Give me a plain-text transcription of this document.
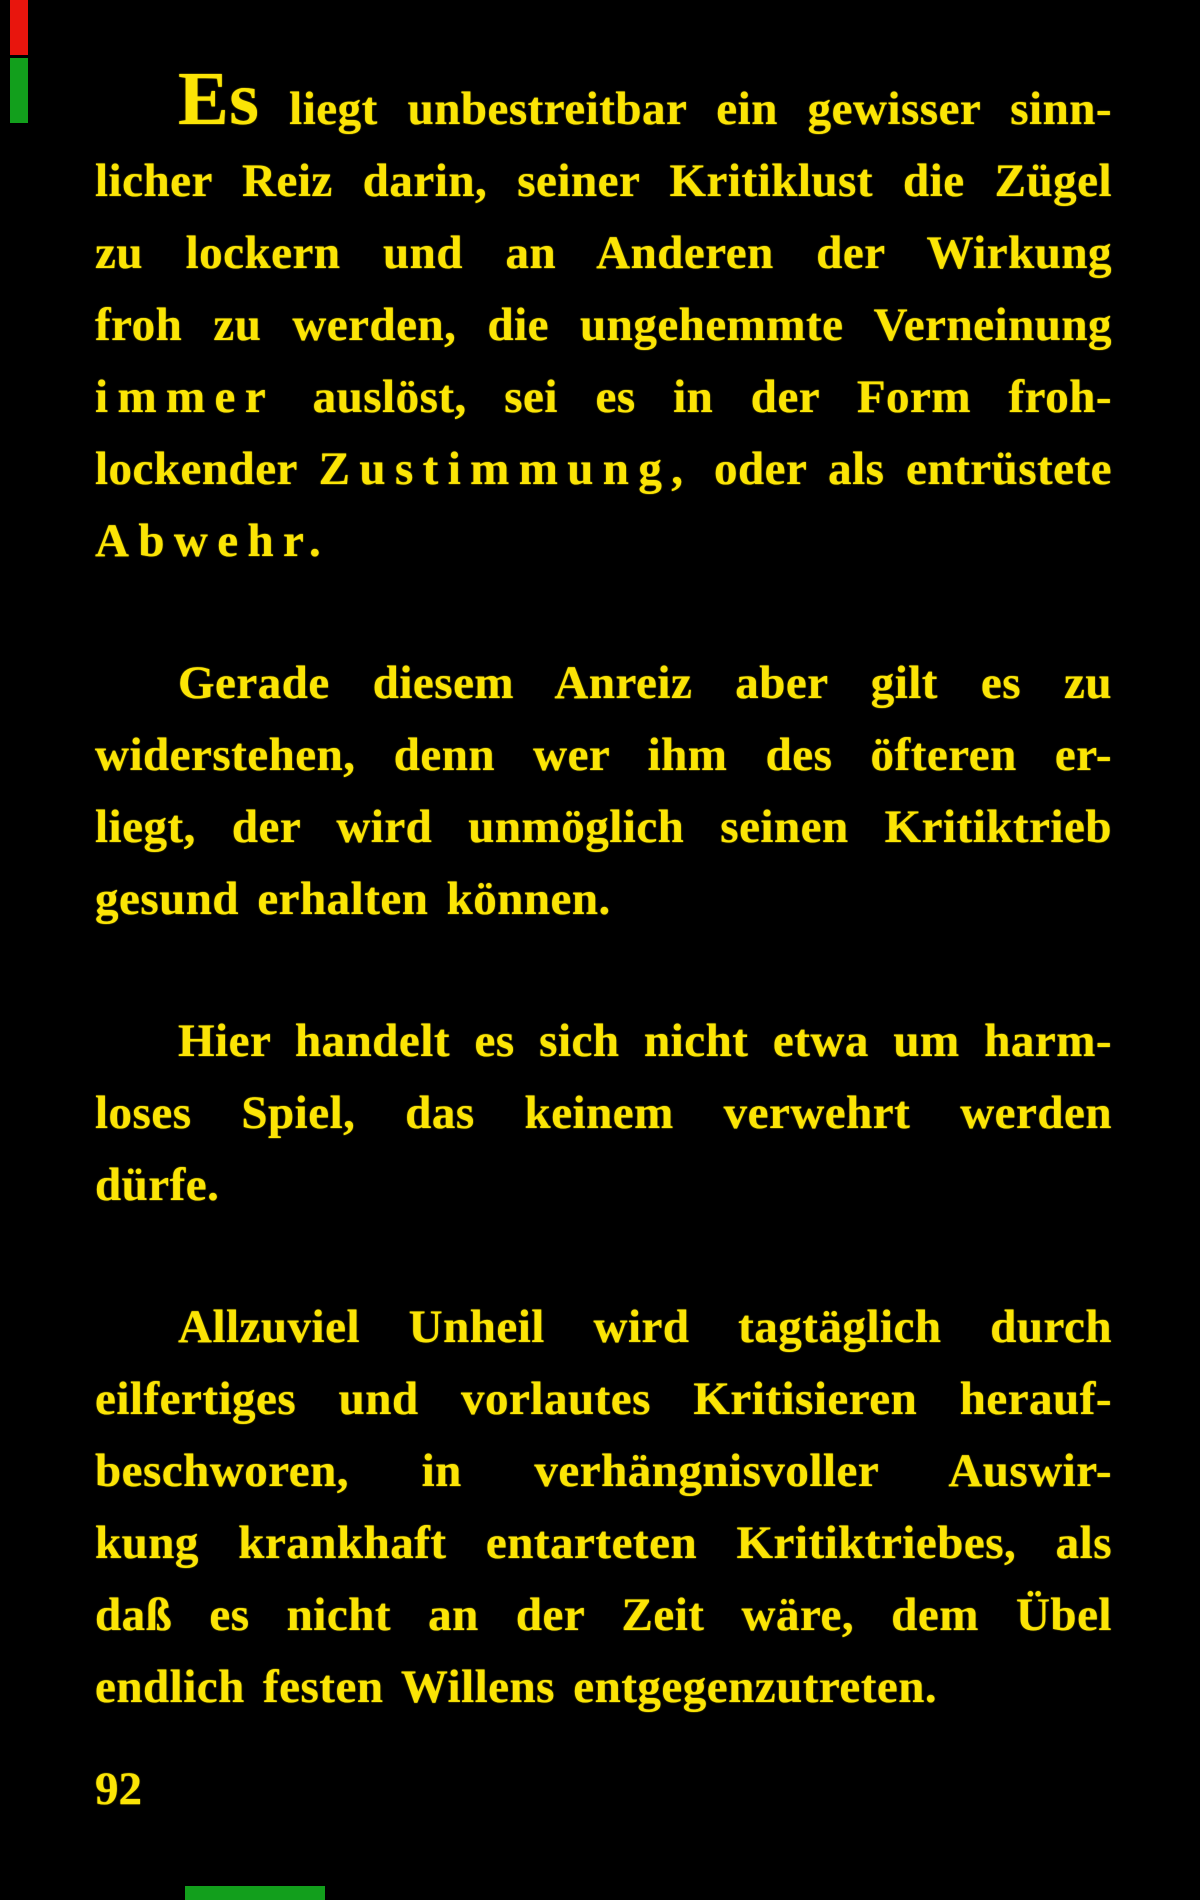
Es liegt unbestreitbar ein gewisser sinn-
licher Reiz darin, seiner Kritiklust die Zügel
zu lockern und an Anderen der Wirkung
froh zu werden, die ungehemmte Verneinung
immer auslöst, sei es in der Form froh-
lockender Zustimmung, oder als entrüstete
Abwehr.
Gerade diesem Anreiz aber gilt es zu
widerstehen, denn wer ihm des öfteren er-
liegt, der wird unmöglich seinen Kritiktrieb
gesund erhalten können.
Hier handelt es sich nicht etwa um harm-
loses Spiel, das keinem verwehrt werden
dürfe.
Allzuviel Unheil wird tagtäglich durch
eilfertiges und vorlautes Kritisieren herauf-
beschworen, in verhängnisvoller Auswir-
kung krankhaft entarteten Kritiktriebes, als
daß es nicht an der Zeit wäre, dem Übel
endlich festen Willens entgegenzutreten.
92
